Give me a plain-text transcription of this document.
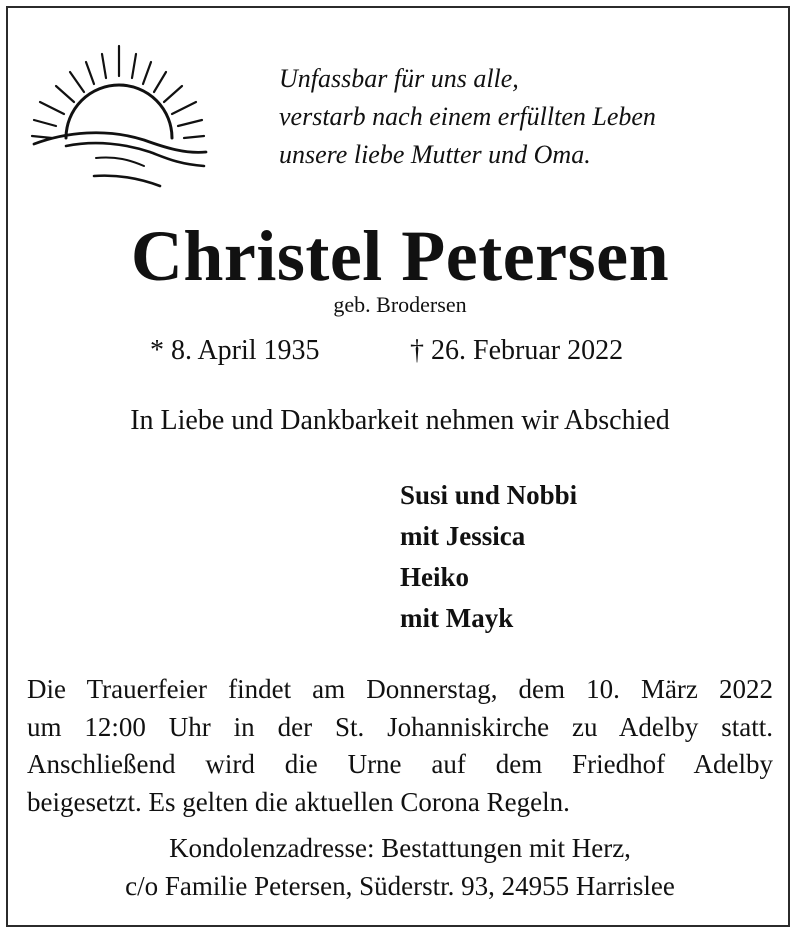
Unfassbar für uns alle,
verstarb nach einem erfüllten Leben
unsere liebe Mutter und Oma.
Christel Petersen
geb. Brodersen
* 8. April 1935	† 26. Februar 2022
In Liebe und Dankbarkeit nehmen wir Abschied
Susi und Nobbi
mit Jessica
Heiko
mit Mayk
Die Trauerfeier findet am Donnerstag, dem 10. März 2022
um 12:00 Uhr in der St. Johanniskirche zu Adelby statt.
Anschließend wird die Urne auf dem Friedhof Adelby
beigesetzt. Es gelten die aktuellen Corona Regeln.
Kondolenzadresse: Bestattungen mit Herz,
c/o Familie Petersen, Süderstr. 93, 24955 Harrislee
